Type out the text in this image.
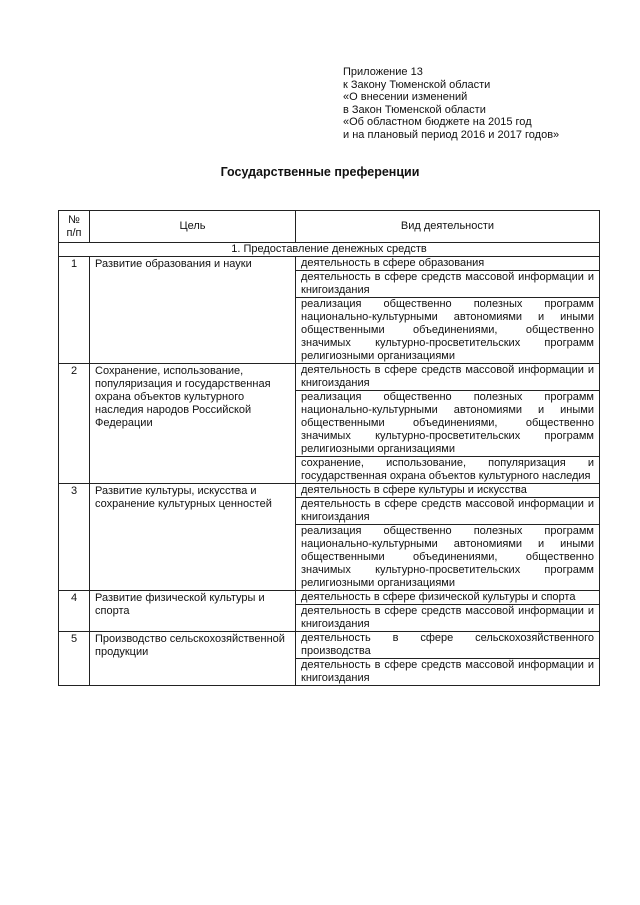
Приложение 13
к Закону Тюменской области
«О внесении изменений
в Закон Тюменской области
«Об областном бюджете на 2015 год
и на плановый период 2016 и 2017 годов»
Государственные преференции
№ п/п	Цель	Вид деятельности
1. Предоставление денежных средств		
1	Развитие образования и науки	деятельность в сфере образования
		деятельность в сфере средств массовой информации и книгоиздания
		реализация общественно полезных программ национально-культурными автономиями и иными общественными объединениями, общественно значимых культурно-просветительских программ религиозными организациями
2	Сохранение, использование, популяризация и государственная охрана объектов культурного наследия народов Российской Федерации	деятельность в сфере средств массовой информации и книгоиздания
		реализация общественно полезных программ национально-культурными автономиями и иными общественными объединениями, общественно значимых культурно-просветительских программ религиозными организациями
		сохранение, использование, популяризация и государственная охрана объектов культурного наследия
3	Развитие культуры, искусства и сохранение культурных ценностей	деятельность в сфере культуры и искусства
		деятельность в сфере средств массовой информации и книгоиздания
		реализация общественно полезных программ национально-культурными автономиями и иными общественными объединениями, общественно значимых культурно-просветительских программ религиозными организациями
4	Развитие физической культуры и спорта	деятельность в сфере физической культуры и спорта
		деятельность в сфере средств массовой информации и книгоиздания
5	Производство сельскохозяйственной продукции	деятельность в сфере сельскохозяйственного производства
		деятельность в сфере средств массовой информации и книгоиздания
